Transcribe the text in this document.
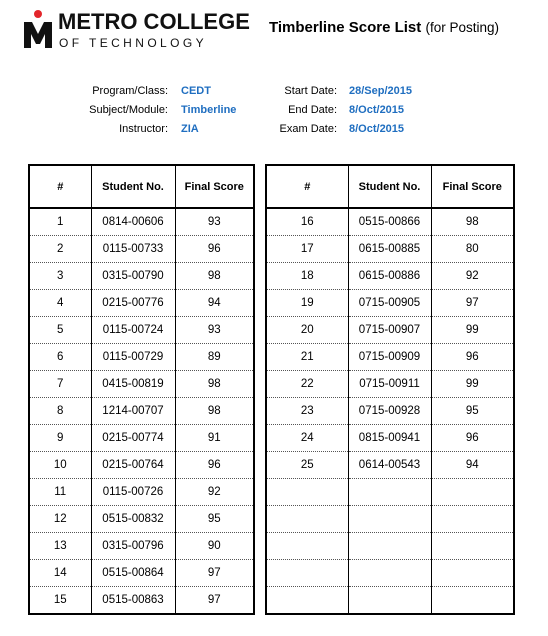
METRO COLLEGE
OF TECHNOLOGY
Timberline Score List (for Posting)
Program/Class: CEDT
Subject/Module: Timberline
Instructor: ZIA
Start Date: 28/Sep/2015
End Date: 8/Oct/2015
Exam Date: 8/Oct/2015
#	Student No.	Final Score
1	0814-00606	93
2	0115-00733	96
3	0315-00790	98
4	0215-00776	94
5	0115-00724	93
6	0115-00729	89
7	0415-00819	98
8	1214-00707	98
9	0215-00774	91
10	0215-00764	96
11	0115-00726	92
12	0515-00832	95
13	0315-00796	90
14	0515-00864	97
15	0515-00863	97
#	Student No.	Final Score
16	0515-00866	98
17	0615-00885	80
18	0615-00886	92
19	0715-00905	97
20	0715-00907	99
21	0715-00909	96
22	0715-00911	99
23	0715-00928	95
24	0815-00941	96
25	0614-00543	94
